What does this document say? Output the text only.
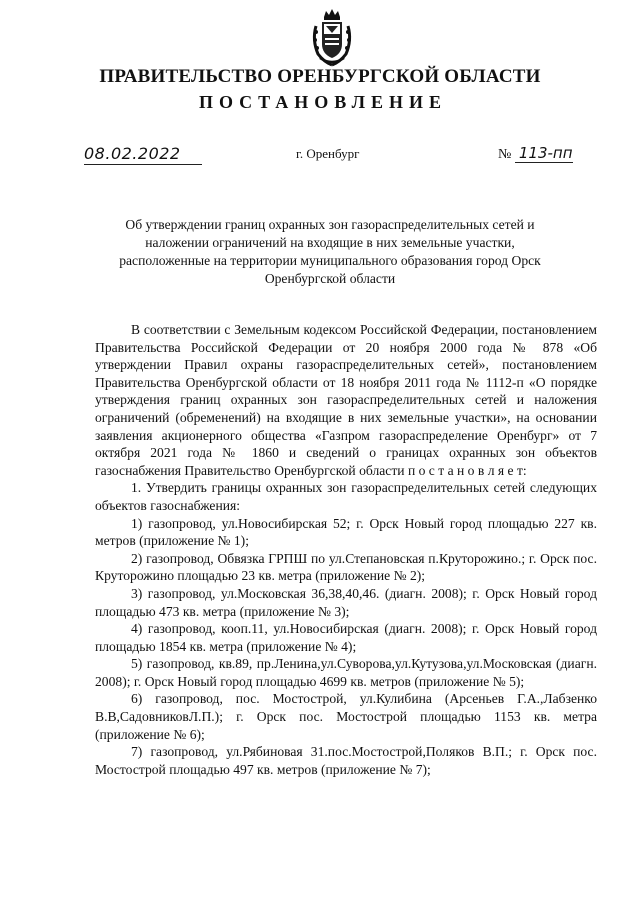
ПРАВИТЕЛЬСТВО ОРЕНБУРГСКОЙ ОБЛАСТИ
ПОСТАНОВЛЕНИЕ
08.02.2022	г. Оренбург	№ 113-пп
Об утверждении границ охранных зон газораспределительных сетей и наложении ограничений на входящие в них земельные участки, расположенные на территории муниципального образования город Орск Оренбургской области

В соответствии с Земельным кодексом Российской Федерации, постановлением Правительства Российской Федерации от 20 ноября 2000 года № 878 «Об утверждении Правил охраны газораспределительных сетей», постановлением Правительства Оренбургской области от 18 ноября 2011 года № 1112-п «О порядке утверждения границ охранных зон газораспределительных сетей и наложения ограничений (обременений) на входящие в них земельные участки», на основании заявления акционерного общества «Газпром газораспределение Оренбург» от 7 октября 2021 года № 1860 и сведений о границах охранных зон объектов газоснабжения Правительство Оренбургской области п о с т а н о в л я е т:

1. Утвердить границы охранных зон газораспределительных сетей следующих объектов газоснабжения:

1) газопровод, ул.Новосибирская 52; г. Орск Новый город площадью 227 кв. метров (приложение № 1);

2) газопровод, Обвязка ГРПШ по ул.Степановская п.Круторожино.; г. Орск пос. Круторожино площадью 23 кв. метра (приложение № 2);

3) газопровод, ул.Московская 36,38,40,46. (диагн. 2008); г. Орск Новый город площадью 473 кв. метра (приложение № 3);

4) газопровод, кооп.11, ул.Новосибирская (диагн. 2008); г. Орск Новый город площадью 1854 кв. метра (приложение № 4);

5) газопровод, кв.89, пр.Ленина,ул.Суворова,ул.Кутузова,ул.Московская (диагн. 2008); г. Орск Новый город площадью 4699 кв. метров (приложение № 5);

6) газопровод, пос. Мостострой, ул.Кулибина (Арсеньев Г.А.,Лабзенко В.В,СадовниковЛ.П.); г. Орск пос. Мостострой площадью 1153 кв. метра (приложение № 6);

7) газопровод, ул.Рябиновая 31.пос.Мостострой,Поляков В.П.; г. Орск пос. Мостострой площадью 497 кв. метров (приложение № 7);
